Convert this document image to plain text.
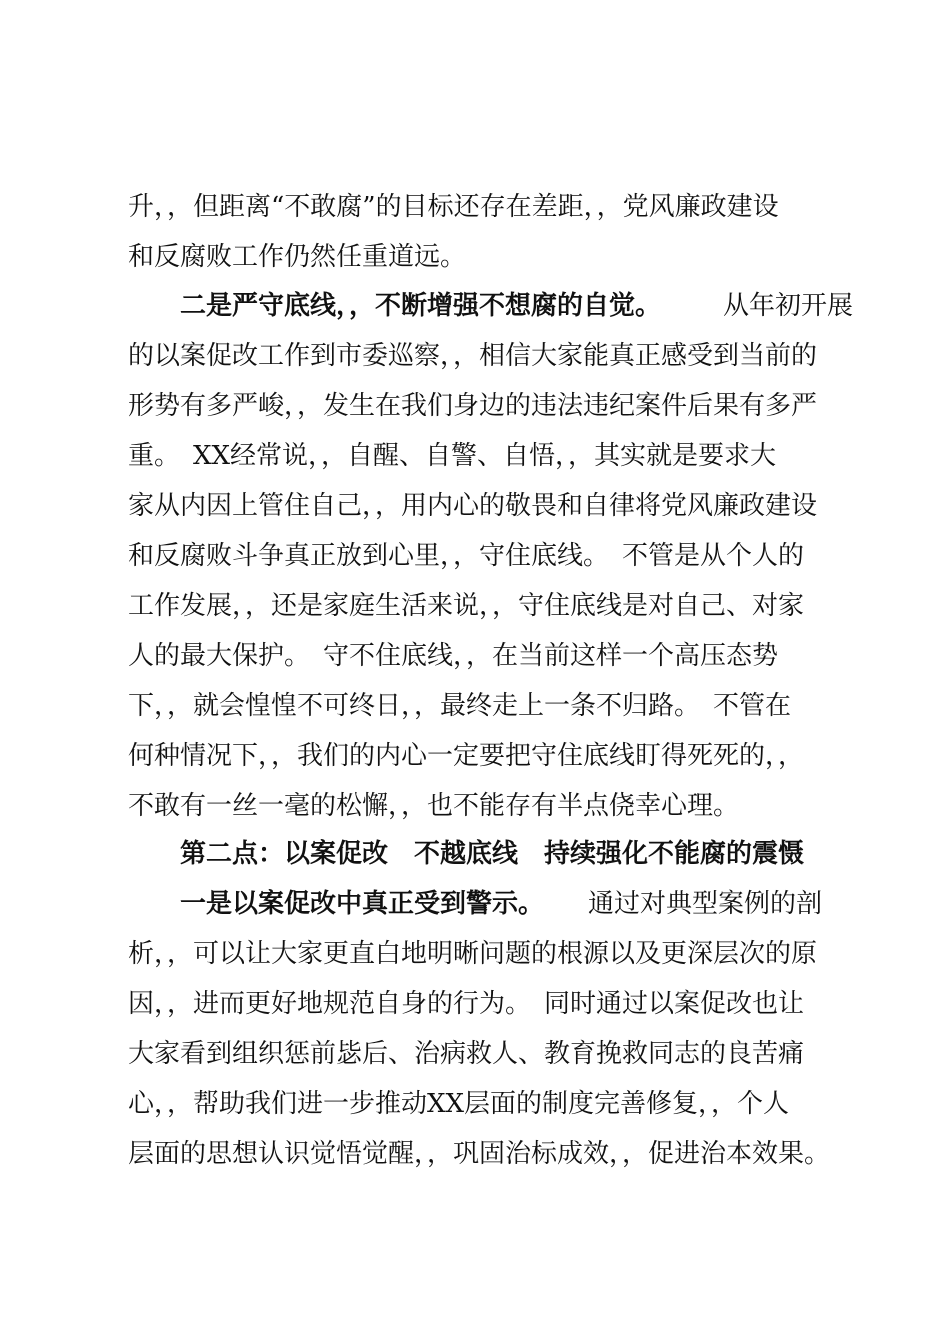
升，，但距离“不敢腐”的目标还存在差距，，党风廉政建设
和反腐败工作仍然任重道远。
二是严守底线，，不断增强不想腐的自觉。 从年初开展
的以案促改工作到市委巡察，，相信大家能真正感受到当前的
形势有多严峻，，发生在我们身边的违法违纪案件后果有多严
重。　XX经常说，，自醒、自警、自悟，，其实就是要求大
家从内因上管住自己，，用内心的敬畏和自律将党风廉政建设
和反腐败斗争真正放到心里，，守住底线。　不管是从个人的
工作发展，，还是家庭生活来说，，守住底线是对自己、对家
人的最大保护。　守不住底线，，在当前这样一个高压态势
下，，就会惶惶不可终日，，最终走上一条不归路。　不管在
何种情况下，，我们的内心一定要把守住底线盯得死死的，，
不敢有一丝一毫的松懈，，也不能存有半点侥幸心理。
第二点：以案促改　不越底线　持续强化不能腐的震慑
一是以案促改中真正受到警示。 通过对典型案例的剖
析，，可以让大家更直白地明晰问题的根源以及更深层次的原
因，，进而更好地规范自身的行为。　同时通过以案促改也让
大家看到组织惩前毖后、治病救人、教育挽救同志的良苦痛
心，，帮助我们进一步推动XX层面的制度完善修复，，个人
层面的思想认识觉悟觉醒，，巩固治标成效，，促进治本效果。
